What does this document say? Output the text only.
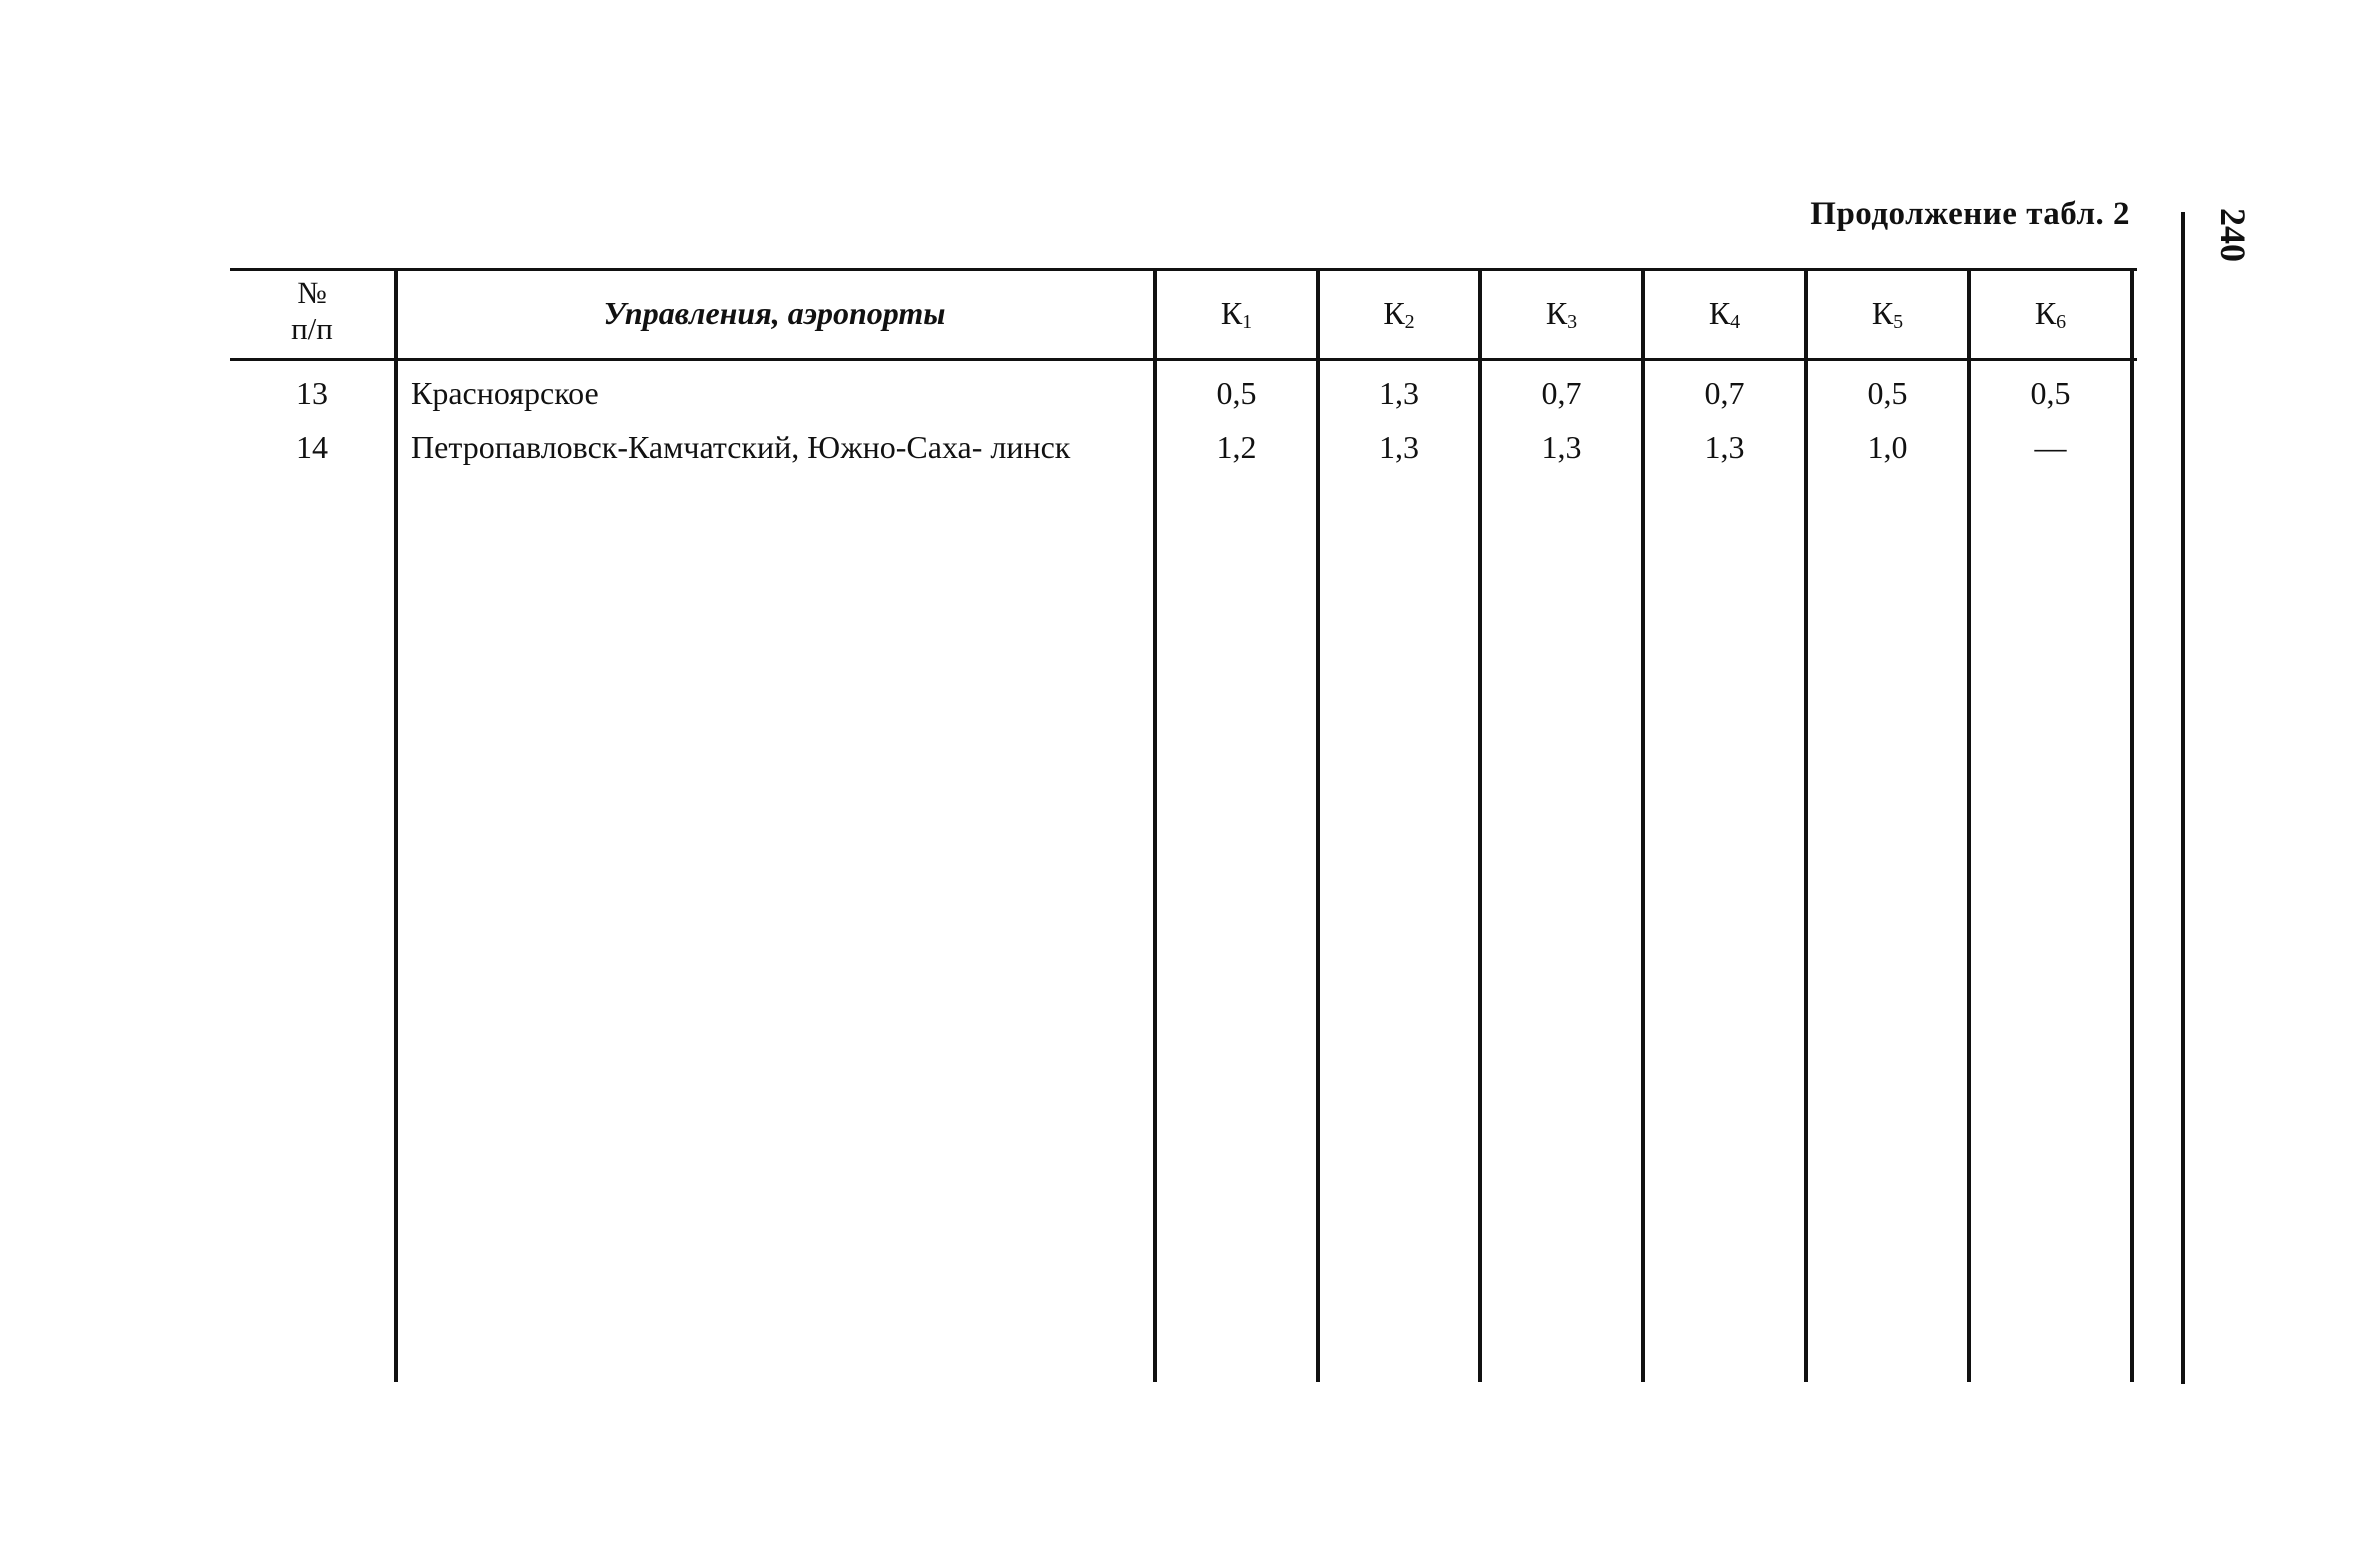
Продолжение табл. 2 240
№
п/п	Управления, аэропорты	$К_1$	$К_2$	$К_3$	$К_4$	$К_5$	$К_6$
13	Красноярское	0,5	1,3	0,7	0,7	0,5	0,5
14	Петропавловск-Камчатский, Южно-Саха- линск	1,2	1,3	1,3	1,3	1,0	—
